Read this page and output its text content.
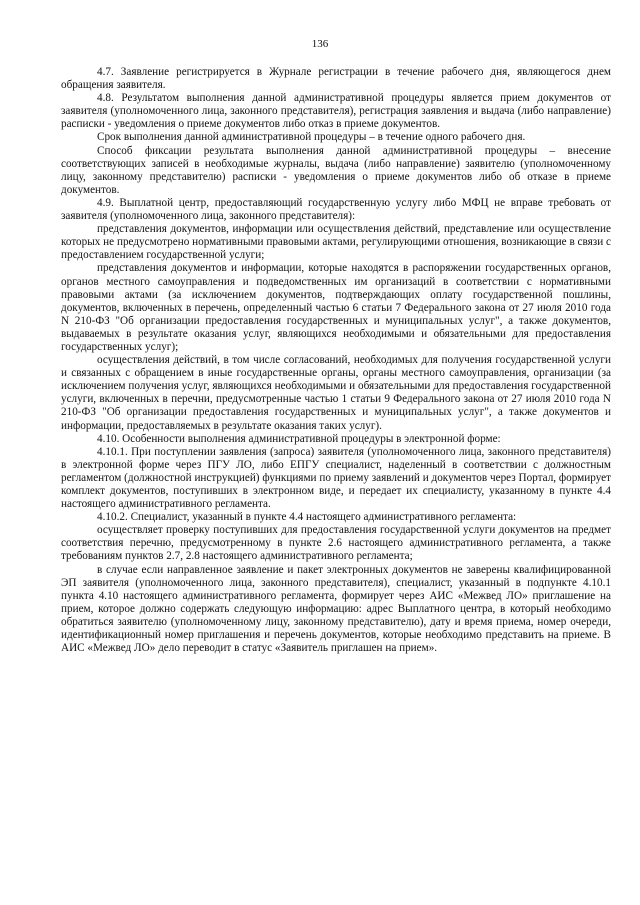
136

4.7. Заявление регистрируется в Журнале регистрации в течение рабочего дня, являющегося днем обращения заявителя.

4.8. Результатом выполнения данной административной процедуры является прием документов от заявителя (уполномоченного лица, законного представителя), регистрация заявления и выдача (либо направление) расписки - уведомления о приеме документов либо отказ в приеме документов.

Срок выполнения данной административной процедуры – в течение одного рабочего дня.

Способ фиксации результата выполнения данной административной процедуры – внесение соответствующих записей в необходимые журналы, выдача (либо направление) заявителю (уполномоченному лицу, законному представителю) расписки - уведомления о приеме документов либо об отказе в приеме документов.

4.9. Выплатной центр, предоставляющий государственную услугу либо МФЦ не вправе требовать от заявителя (уполномоченного лица, законного представителя):

представления документов, информации или осуществления действий, представление или осуществление которых не предусмотрено нормативными правовыми актами, регулирующими отношения, возникающие в связи с предоставлением государственной услуги;

представления документов и информации, которые находятся в распоряжении государственных органов, органов местного самоуправления и подведомственных им организаций в соответствии с нормативными правовыми актами (за исключением документов, подтверждающих оплату государственной пошлины, документов, включенных в перечень, определенный частью 6 статьи 7 Федерального закона от 27 июля 2010 года N 210-ФЗ "Об организации предоставления государственных и муниципальных услуг", а также документов, выдаваемых в результате оказания услуг, являющихся необходимыми и обязательными для предоставления государственных услуг);

осуществления действий, в том числе согласований, необходимых для получения государственной услуги и связанных с обращением в иные государственные органы, органы местного самоуправления, организации (за исключением получения услуг, являющихся необходимыми и обязательными для предоставления государственной услуги, включенных в перечни, предусмотренные частью 1 статьи 9 Федерального закона от 27 июля 2010 года N 210-ФЗ "Об организации предоставления государственных и муниципальных услуг", а также документов и информации, предоставляемых в результате оказания таких услуг).

4.10. Особенности выполнения административной процедуры в электронной форме:

4.10.1. При поступлении заявления (запроса) заявителя (уполномоченного лица, законного представителя) в электронной форме через ПГУ ЛО, либо ЕПГУ специалист, наделенный в соответствии с должностным регламентом (должностной инструкцией) функциями по приему заявлений и документов через Портал, формирует комплект документов, поступивших в электронном виде, и передает их специалисту, указанному в пункте 4.4 настоящего административного регламента.

4.10.2. Специалист, указанный в пункте 4.4 настоящего административного регламента:

осуществляет проверку поступивших для предоставления государственной услуги документов на предмет соответствия перечню, предусмотренному в пункте 2.6 настоящего административного регламента, а также требованиям пунктов 2.7, 2.8 настоящего административного регламента;

в случае если направленное заявление и пакет электронных документов не заверены квалифицированной ЭП заявителя (уполномоченного лица, законного представителя), специалист, указанный в подпункте 4.10.1 пункта 4.10 настоящего административного регламента, формирует через АИС «Межвед ЛО» приглашение на прием, которое должно содержать следующую информацию: адрес Выплатного центра, в который необходимо обратиться заявителю (уполномоченному лицу, законному представителю), дату и время приема, номер очереди, идентификационный номер приглашения и перечень документов, которые необходимо представить на приеме. В АИС «Межвед ЛО» дело переводит в статус «Заявитель приглашен на прием».
